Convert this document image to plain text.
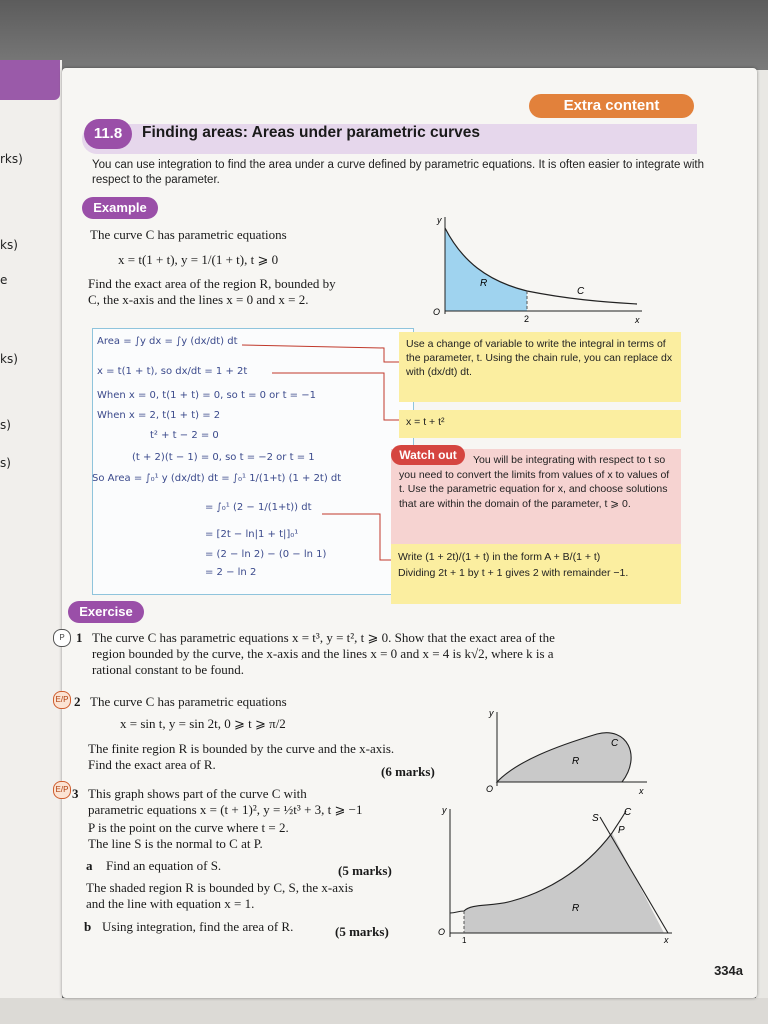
rks)
ks)
e
ks)
s)
s)
Extra content
11.8	Finding areas: Areas under parametric curves
You can use integration to find the area under a curve defined by parametric equations. It is often easier to integrate with respect to the parameter.
Example
The curve C has parametric equations
x = t(1 + t), y = 1/(1 + t), t ⩾ 0
Find the exact area of the region R, bounded by
C, the x-axis and the lines x = 0 and x = 2.
y
x
O
2
R
C
Area = ∫y dx = ∫y (dx/dt) dt
x = t(1 + t), so dx/dt = 1 + 2t
When x = 0, t(1 + t) = 0, so t = 0 or t = −1
When x = 2, t(1 + t) = 2
t² + t − 2 = 0
(t + 2)(t − 1) = 0, so t = −2 or t = 1
So Area = ∫₀¹ y (dx/dt) dt = ∫₀¹ 1/(1+t) (1 + 2t) dt
= ∫₀¹ (2 − 1/(1+t)) dt
= [2t − ln|1 + t|]₀¹
= (2 − ln 2) − (0 − ln 1)
= 2 − ln 2
Use a change of variable to write the integral in terms of the parameter, t. Using the chain rule, you can replace dx with (dx/dt) dt.
x = t + t²
You will be integrating with respect to t so you need to convert the limits from values of x to values of t. Use the parametric equation for x, and choose solutions that are within the domain of the parameter, t ⩾ 0.
Watch out
Write (1 + 2t)/(1 + t) in the form A + B/(1 + t)
Dividing 2t + 1 by t + 1 gives 2 with remainder −1.
Exercise
P 1 The curve C has parametric equations x = t³, y = t², t ⩾ 0. Show that the exact area of the
region bounded by the curve, the x-axis and the lines x = 0 and x = 4 is k√2, where k is a
rational constant to be found.
E/P 2 The curve C has parametric equations
x = sin t, y = sin 2t, 0 ⩾ t ⩾ π/2
The finite region R is bounded by the curve and the x-axis.
Find the exact area of R.	(6 marks)
y
x
O
R
C
E/P 3 This graph shows part of the curve C with
parametric equations x = (t + 1)², y = ½t³ + 3, t ⩾ −1
P is the point on the curve where t = 2.
The line S is the normal to C at P.
a Find an equation of S.	(5 marks)
The shaded region R is bounded by C, S, the x-axis
and the line with equation x = 1.
b Using integration, find the area of R.	(5 marks)
y
x
O
1
R
S
C
P
334a
